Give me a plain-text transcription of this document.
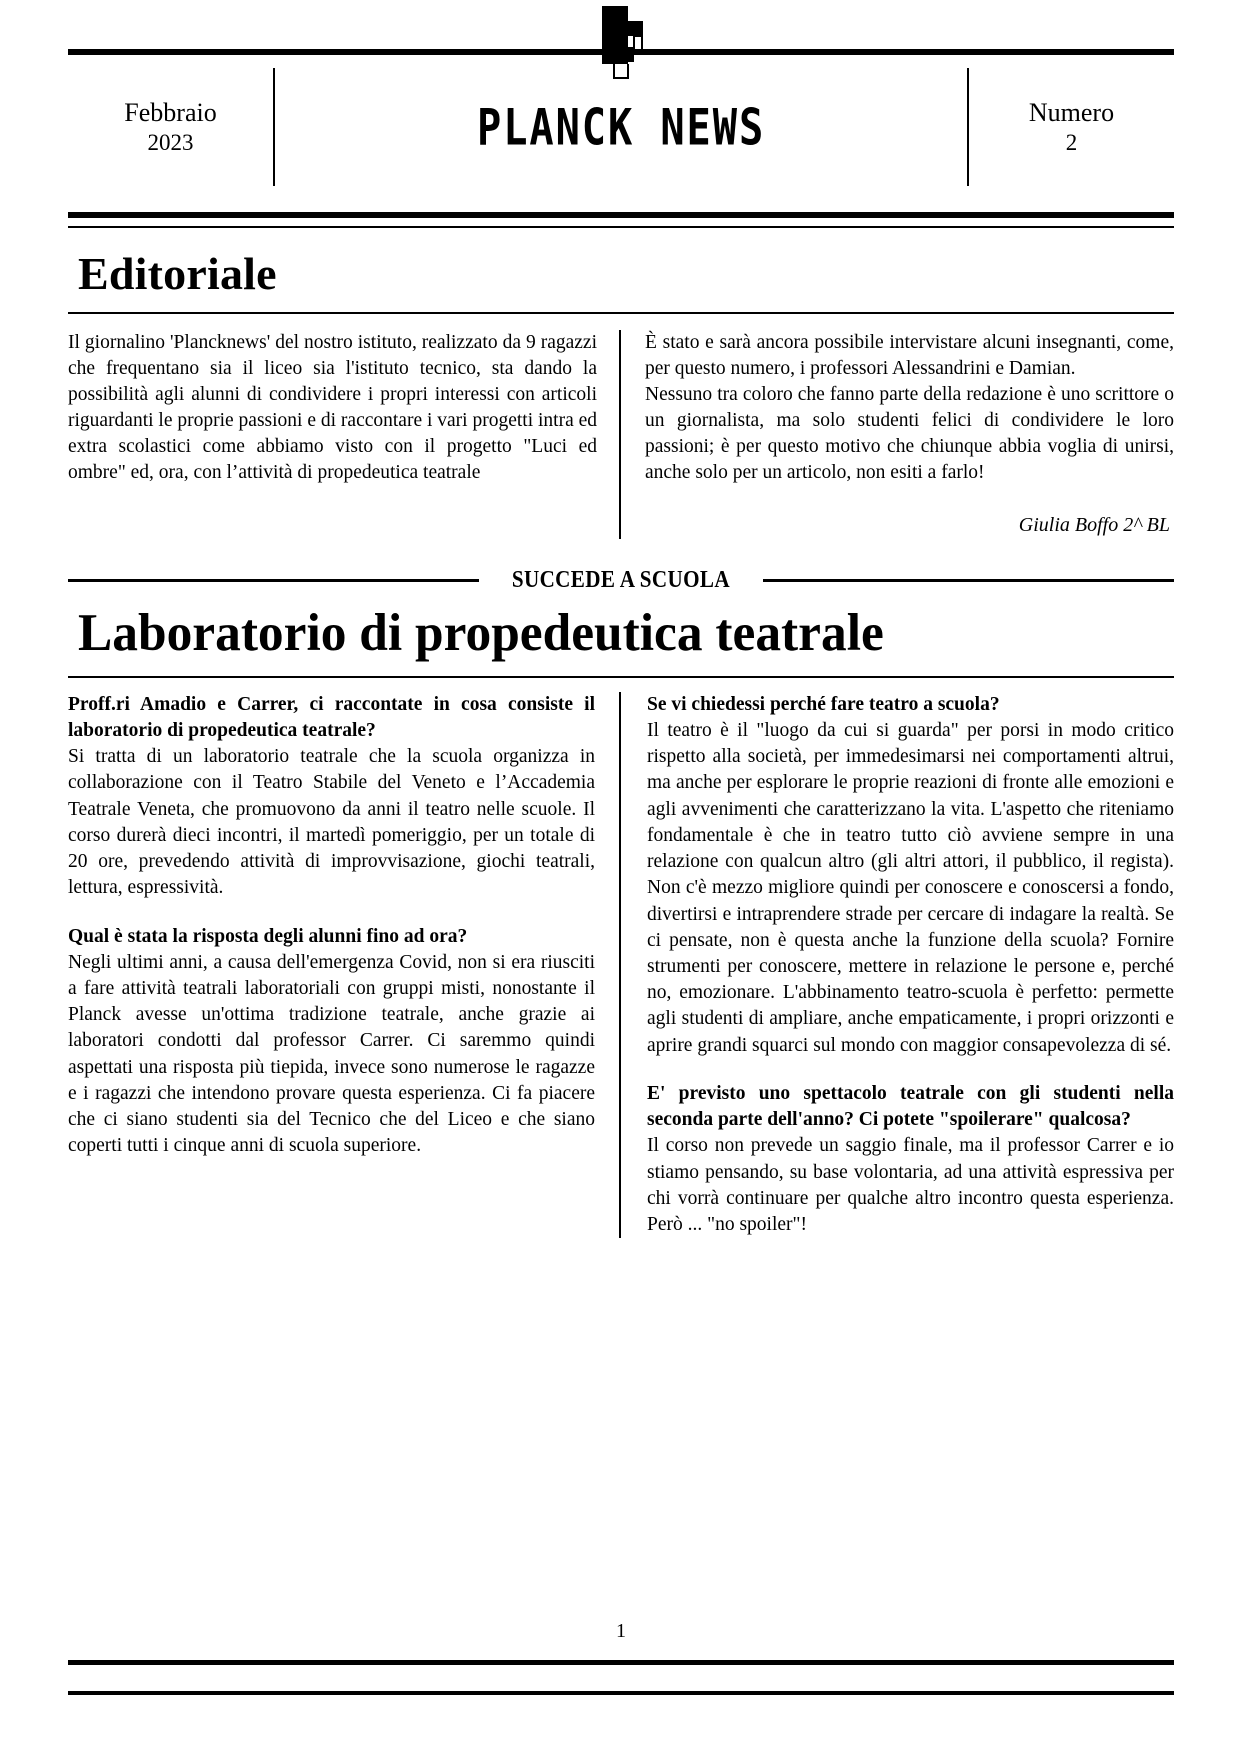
Febbraio
2023	PLANCK NEWS	Numero
2
Editoriale

Il giornalino 'Plancknews' del nostro istituto, realizzato da 9 ragazzi che frequentano sia il liceo sia l'istituto tecnico, sta dando la possibilità agli alunni di condividere i propri interessi con articoli riguardanti le proprie passioni e di raccontare i vari progetti intra ed extra scolastici come abbiamo visto con il progetto "Luci ed ombre" ed, ora, con l’attività di propedeutica teatrale

È stato e sarà ancora possibile intervistare alcuni insegnanti, come, per questo numero, i professori Alessandrini e Damian.

Nessuno tra coloro che fanno parte della redazione è uno scrittore o un giornalista, ma solo studenti felici di condividere le loro passioni; è per questo motivo che chiunque abbia voglia di unirsi, anche solo per un articolo, non esiti a farlo!

Giulia Boffo 2^ BL
SUCCEDE A SCUOLA
Laboratorio di propedeutica teatrale

Proff.ri Amadio e Carrer, ci raccontate in cosa consiste il laboratorio di propedeutica teatrale?

Si tratta di un laboratorio teatrale che la scuola organizza in collaborazione con il Teatro Stabile del Veneto e l’Accademia Teatrale Veneta, che promuovono da anni il teatro nelle scuole. Il corso durerà dieci incontri, il martedì pomeriggio, per un totale di 20 ore, prevedendo attività di improvvisazione, giochi teatrali, lettura, espressività.

Qual è stata la risposta degli alunni fino ad ora?

Negli ultimi anni, a causa dell'emergenza Covid, non si era riusciti a fare attività teatrali laboratoriali con gruppi misti, nonostante il Planck avesse un'ottima tradizione teatrale, anche grazie ai laboratori condotti dal professor Carrer. Ci saremmo quindi aspettati una risposta più tiepida, invece sono numerose le ragazze e i ragazzi che intendono provare questa esperienza. Ci fa piacere che ci siano studenti sia del Tecnico che del Liceo e che siano coperti tutti i cinque anni di scuola superiore.

Se vi chiedessi perché fare teatro a scuola?

Il teatro è il "luogo da cui si guarda" per porsi in modo critico rispetto alla società, per immedesimarsi nei comportamenti altrui, ma anche per esplorare le proprie reazioni di fronte alle emozioni e agli avvenimenti che caratterizzano la vita. L'aspetto che riteniamo fondamentale è che in teatro tutto ciò avviene sempre in una relazione con qualcun altro (gli altri attori, il pubblico, il regista). Non c'è mezzo migliore quindi per conoscere e conoscersi a fondo, divertirsi e intraprendere strade per cercare di indagare la realtà. Se ci pensate, non è questa anche la funzione della scuola? Fornire strumenti per conoscere, mettere in relazione le persone e, perché no, emozionare. L'abbinamento teatro-scuola è perfetto: permette agli studenti di ampliare, anche empaticamente, i propri orizzonti e aprire grandi squarci sul mondo con maggior consapevolezza di sé.

E' previsto uno spettacolo teatrale con gli studenti nella seconda parte dell'anno? Ci potete "spoilerare" qualcosa?

Il corso non prevede un saggio finale, ma il professor Carrer e io stiamo pensando, su base volontaria, ad una attività espressiva per chi vorrà continuare per qualche altro incontro questa esperienza. Però ... "no spoiler"!

1
